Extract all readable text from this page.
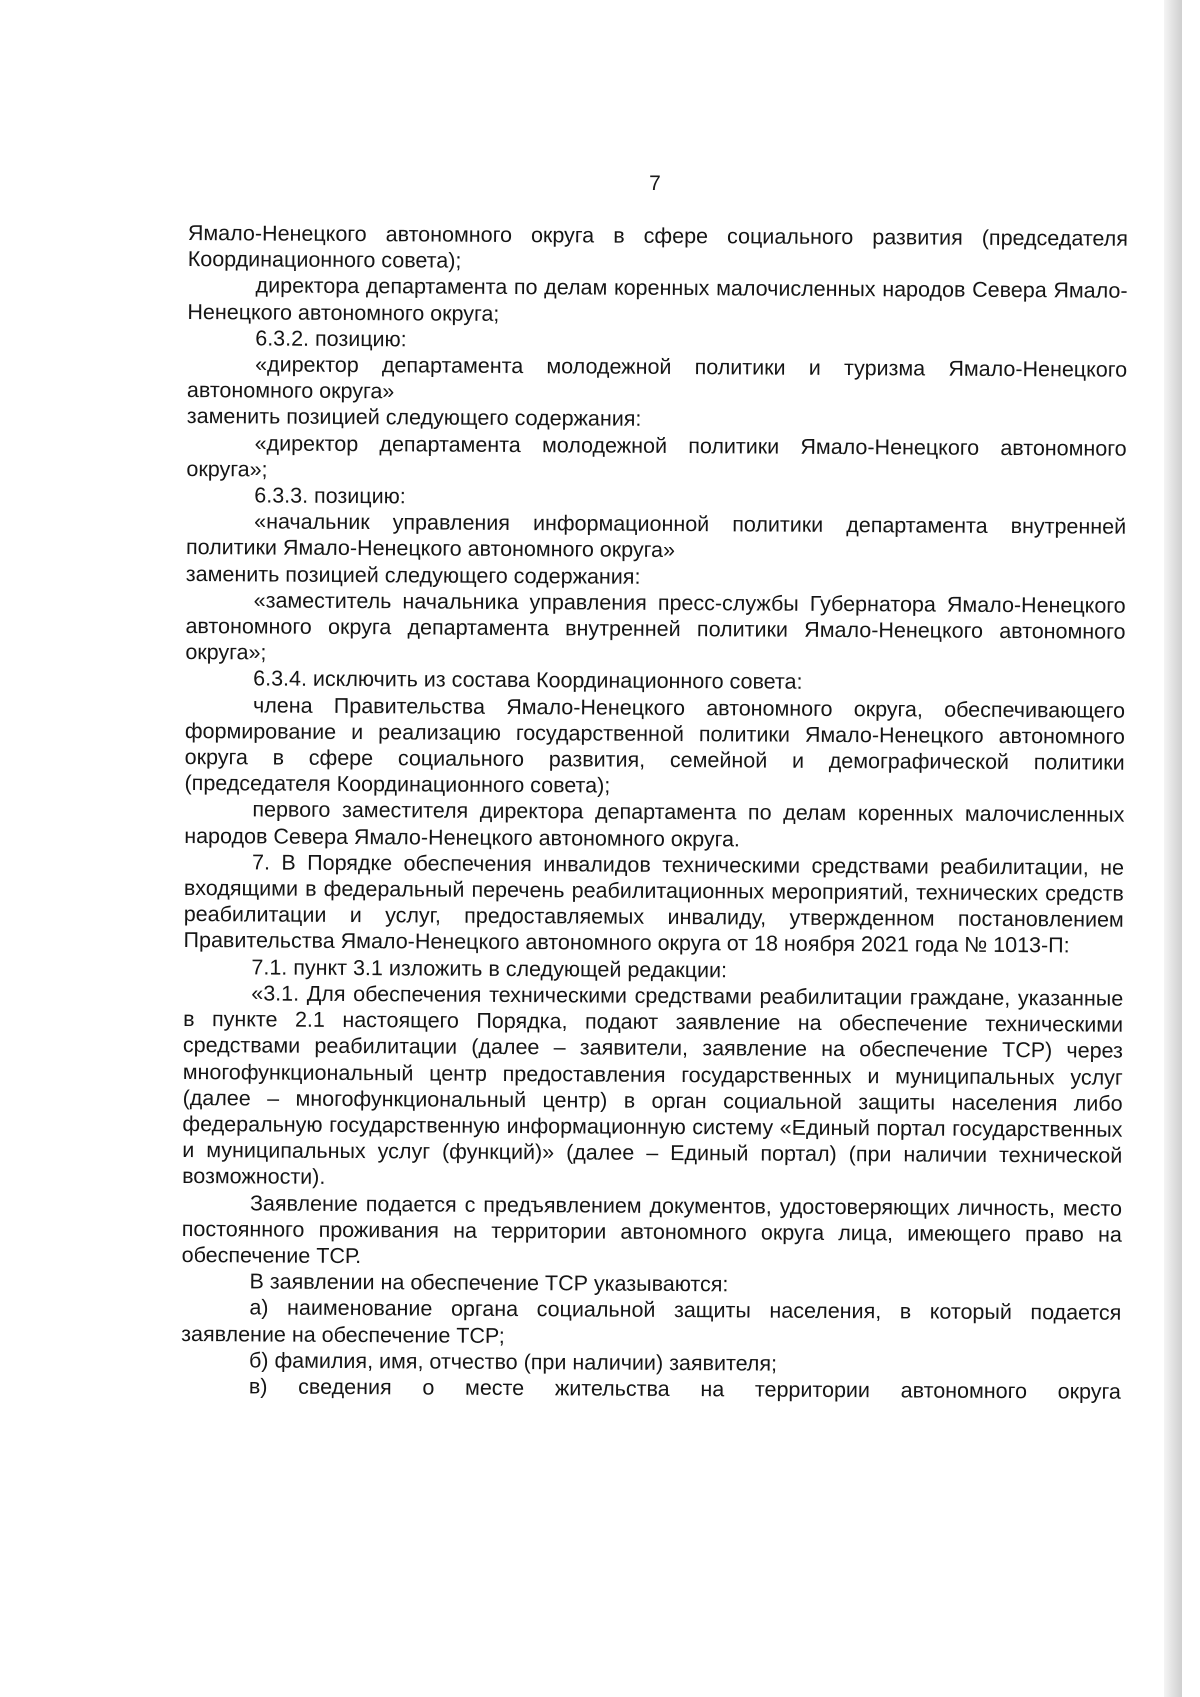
7

Ямало-Ненецкого автономного округа в сфере социального развития (председателя Координационного совета);

директора департамента по делам коренных малочисленных народов Севера Ямало-Ненецкого автономного округа;

6.3.2. позицию:

«директор департамента молодежной политики и туризма Ямало-Ненецкого автономного округа»

заменить позицией следующего содержания:

«директор департамента молодежной политики Ямало-Ненецкого автономного округа»;

6.3.3. позицию:

«начальник управления информационной политики департамента внутренней политики Ямало-Ненецкого автономного округа»

заменить позицией следующего содержания:

«заместитель начальника управления пресс-службы Губернатора Ямало-Ненецкого автономного округа департамента внутренней политики Ямало-Ненецкого автономного округа»;

6.3.4. исключить из состава Координационного совета:

члена Правительства Ямало-Ненецкого автономного округа, обеспечивающего формирование и реализацию государственной политики Ямало-Ненецкого автономного округа в сфере социального развития, семейной и демографической политики (председателя Координационного совета);

первого заместителя директора департамента по делам коренных малочисленных народов Севера Ямало-Ненецкого автономного округа.

7. В Порядке обеспечения инвалидов техническими средствами реабилитации, не входящими в федеральный перечень реабилитационных мероприятий, технических средств реабилитации и услуг, предоставляемых инвалиду, утвержденном постановлением Правительства Ямало-Ненецкого автономного округа от 18 ноября 2021 года № 1013-П:

7.1. пункт 3.1 изложить в следующей редакции:

«3.1. Для обеспечения техническими средствами реабилитации граждане, указанные в пункте 2.1 настоящего Порядка, подают заявление на обеспечение техническими средствами реабилитации (далее – заявители, заявление на обеспечение ТСР) через многофункциональный центр предоставления государственных и муниципальных услуг (далее – многофункциональный центр) в орган социальной защиты населения либо федеральную государственную информационную систему «Единый портал государственных и муниципальных услуг (функций)» (далее – Единый портал) (при наличии технической возможности).

Заявление подается с предъявлением документов, удостоверяющих личность, место постоянного проживания на территории автономного округа лица, имеющего право на обеспечение ТСР.

В заявлении на обеспечение ТСР указываются:

а) наименование органа социальной защиты населения, в который подается заявление на обеспечение ТСР;

б) фамилия, имя, отчество (при наличии) заявителя;

в) сведения о месте жительства на территории автономного округа
